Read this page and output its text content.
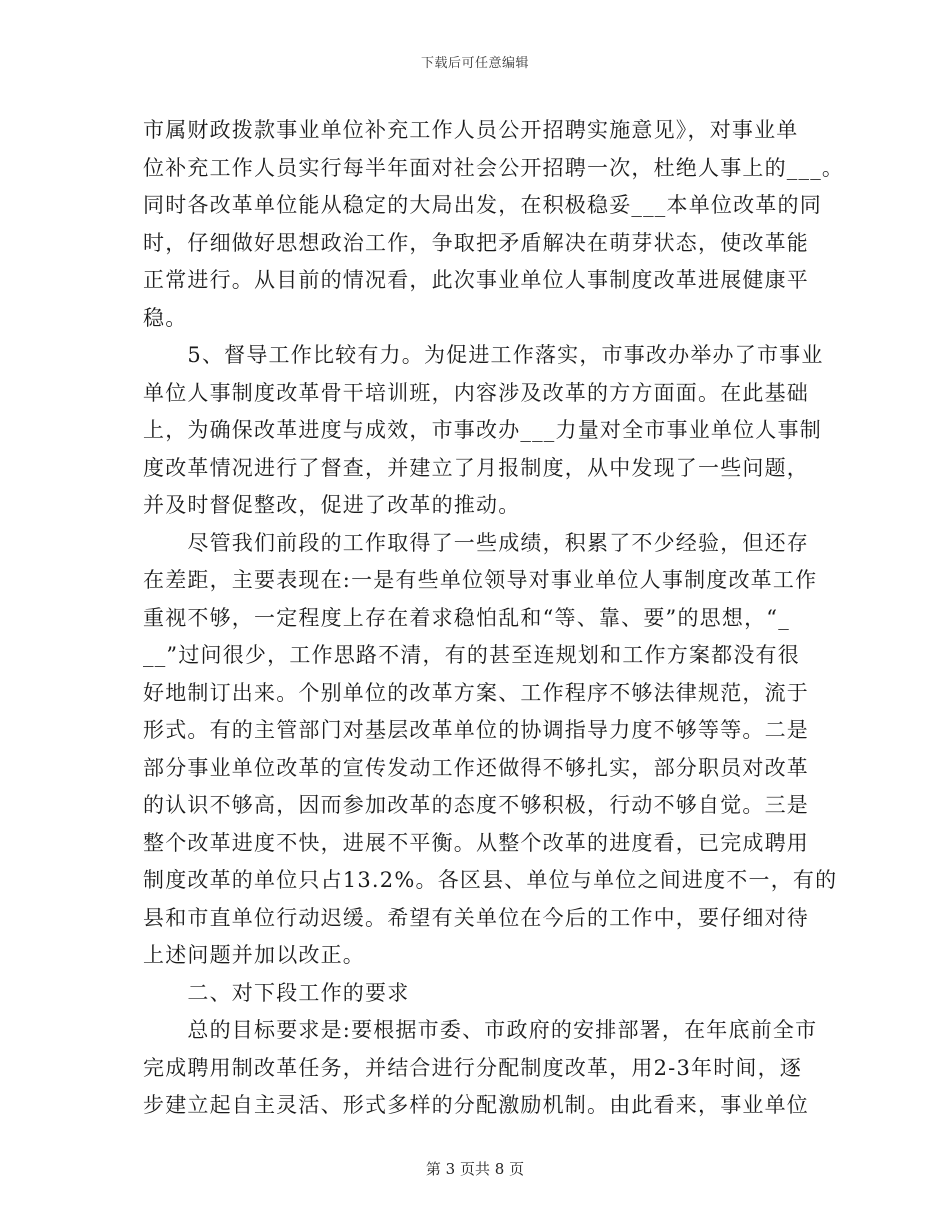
下载后可任意编辑

市属财政拨款事业单位补充工作人员公开招聘实施意见》，对事业单
位补充工作人员实行每半年面对社会公开招聘一次，杜绝人事上的___。
同时各改革单位能从稳定的大局出发，在积极稳妥___本单位改革的同
时，仔细做好思想政治工作，争取把矛盾解决在萌芽状态，使改革能
正常进行。从目前的情况看，此次事业单位人事制度改革进展健康平
稳。

　　5、督导工作比较有力。为促进工作落实，市事改办举办了市事业
单位人事制度改革骨干培训班，内容涉及改革的方方面面。在此基础
上，为确保改革进度与成效，市事改办___力量对全市事业单位人事制
度改革情况进行了督查，并建立了月报制度，从中发现了一些问题，
并及时督促整改，促进了改革的推动。

　　尽管我们前段的工作取得了一些成绩，积累了不少经验，但还存
在差距，主要表现在:一是有些单位领导对事业单位人事制度改革工作
重视不够，一定程度上存在着求稳怕乱和“等、靠、要”的思想，“_
__”过问很少，工作思路不清，有的甚至连规划和工作方案都没有很
好地制订出来。个别单位的改革方案、工作程序不够法律规范，流于
形式。有的主管部门对基层改革单位的协调指导力度不够等等。二是
部分事业单位改革的宣传发动工作还做得不够扎实，部分职员对改革
的认识不够高，因而参加改革的态度不够积极，行动不够自觉。三是
整个改革进度不快，进展不平衡。从整个改革的进度看，已完成聘用
制度改革的单位只占13.2%。各区县、单位与单位之间进度不一，有的
县和市直单位行动迟缓。希望有关单位在今后的工作中，要仔细对待
上述问题并加以改正。

　　二、对下段工作的要求

　　总的目标要求是:要根据市委、市政府的安排部署，在年底前全市
完成聘用制改革任务，并结合进行分配制度改革，用2-3年时间，逐
步建立起自主灵活、形式多样的分配激励机制。由此看来，事业单位

第 3 页共 8 页
